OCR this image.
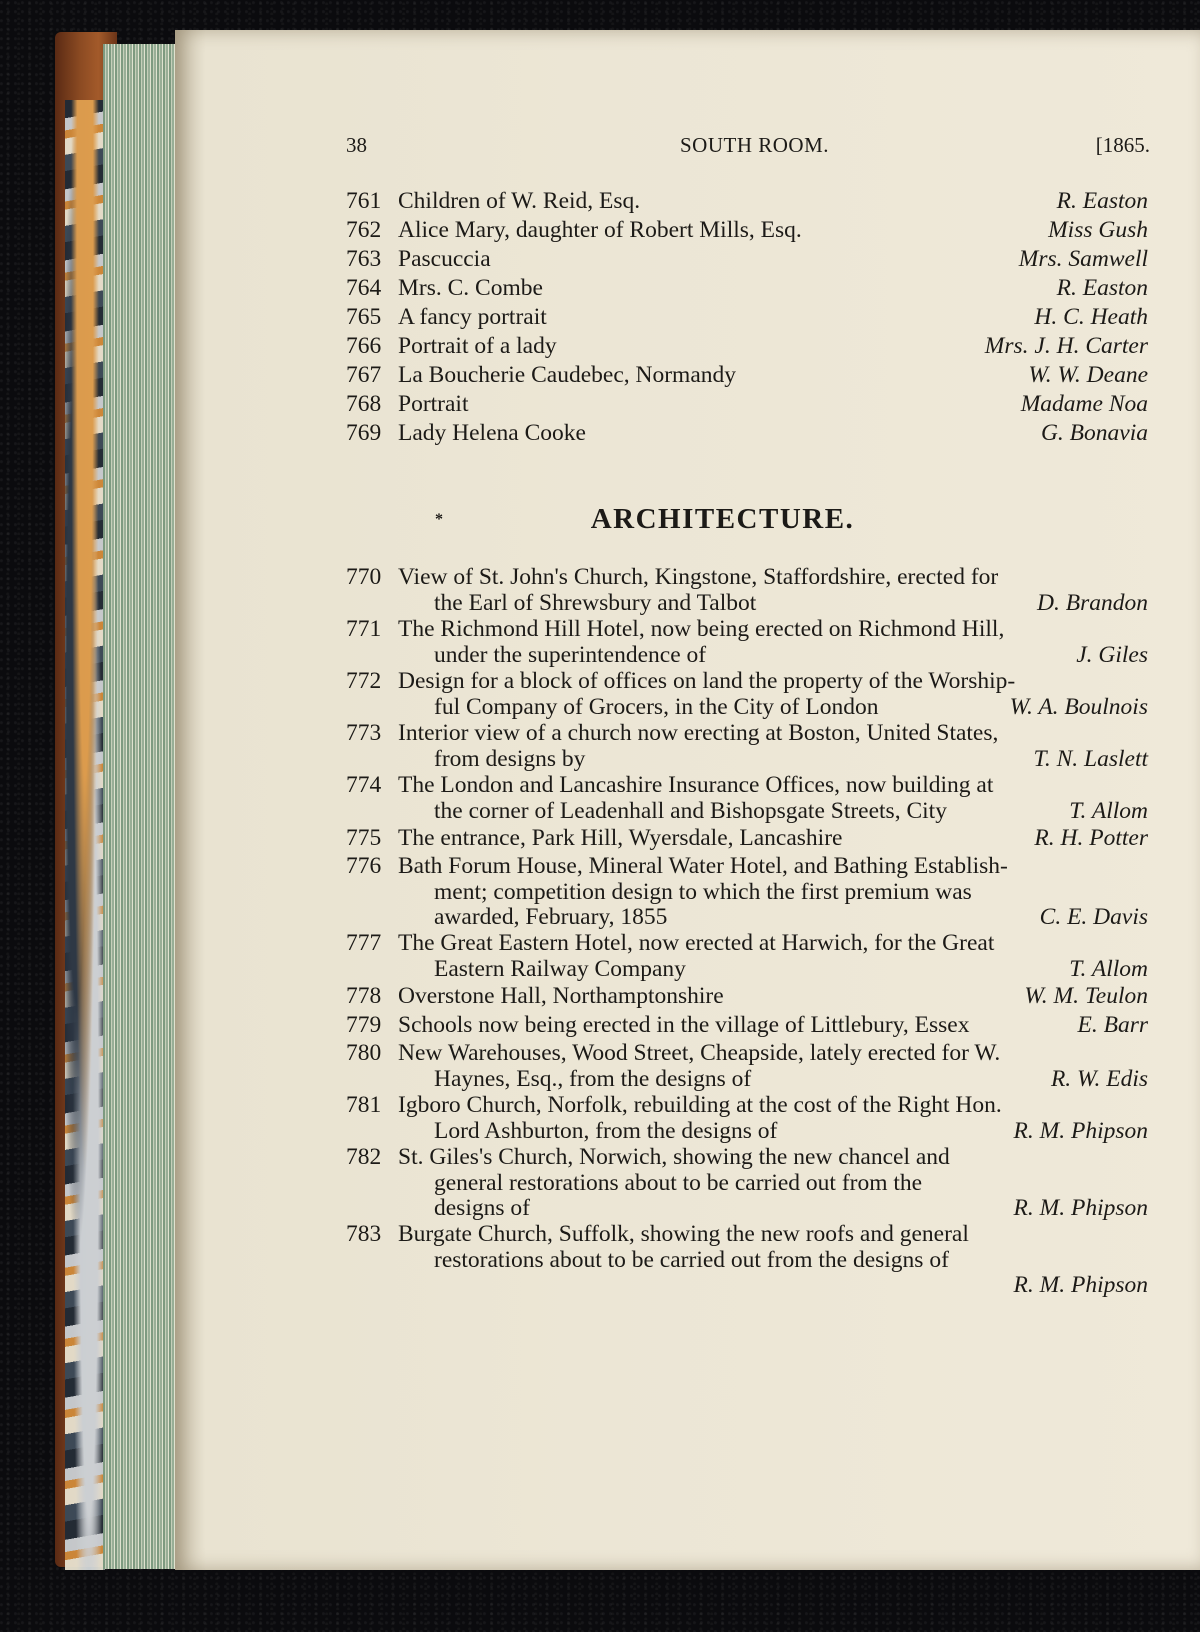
38	SOUTH ROOM.	[1865.
761 Children of W. Reid, Esq.	R. Easton
762 Alice Mary, daughter of Robert Mills, Esq.	Miss Gush
763 Pascuccia	Mrs. Samwell
764 Mrs. C. Combe	R. Easton
765 A fancy portrait	H. C. Heath
766 Portrait of a lady	Mrs. J. H. Carter
767 La Boucherie Caudebec, Normandy	W. W. Deane
768 Portrait	Madame Noa
769 Lady Helena Cooke	G. Bonavia
*	ARCHITECTURE.
770 View of St. John's Church, Kingstone, Staffordshire, erected for
the Earl of Shrewsbury and Talbot	D. Brandon
771 The Richmond Hill Hotel, now being erected on Richmond Hill,
under the superintendence of	J. Giles
772 Design for a block of offices on land the property of the Worship-
ful Company of Grocers, in the City of London	W. A. Boulnois
773 Interior view of a church now erecting at Boston, United States,
from designs by	T. N. Laslett
774 The London and Lancashire Insurance Offices, now building at
the corner of Leadenhall and Bishopsgate Streets, City	T. Allom
775 The entrance, Park Hill, Wyersdale, Lancashire	R. H. Potter
776 Bath Forum House, Mineral Water Hotel, and Bathing Establish-
ment; competition design to which the first premium was
awarded, February, 1855	C. E. Davis
777 The Great Eastern Hotel, now erected at Harwich, for the Great
Eastern Railway Company	T. Allom
778 Overstone Hall, Northamptonshire	W. M. Teulon
779 Schools now being erected in the village of Littlebury, Essex	E. Barr
780 New Warehouses, Wood Street, Cheapside, lately erected for W.
Haynes, Esq., from the designs of	R. W. Edis
781 Igboro Church, Norfolk, rebuilding at the cost of the Right Hon.
Lord Ashburton, from the designs of	R. M. Phipson
782 St. Giles's Church, Norwich, showing the new chancel and
general restorations about to be carried out from the
designs of	R. M. Phipson
783 Burgate Church, Suffolk, showing the new roofs and general
restorations about to be carried out from the designs of
R. M. Phipson
